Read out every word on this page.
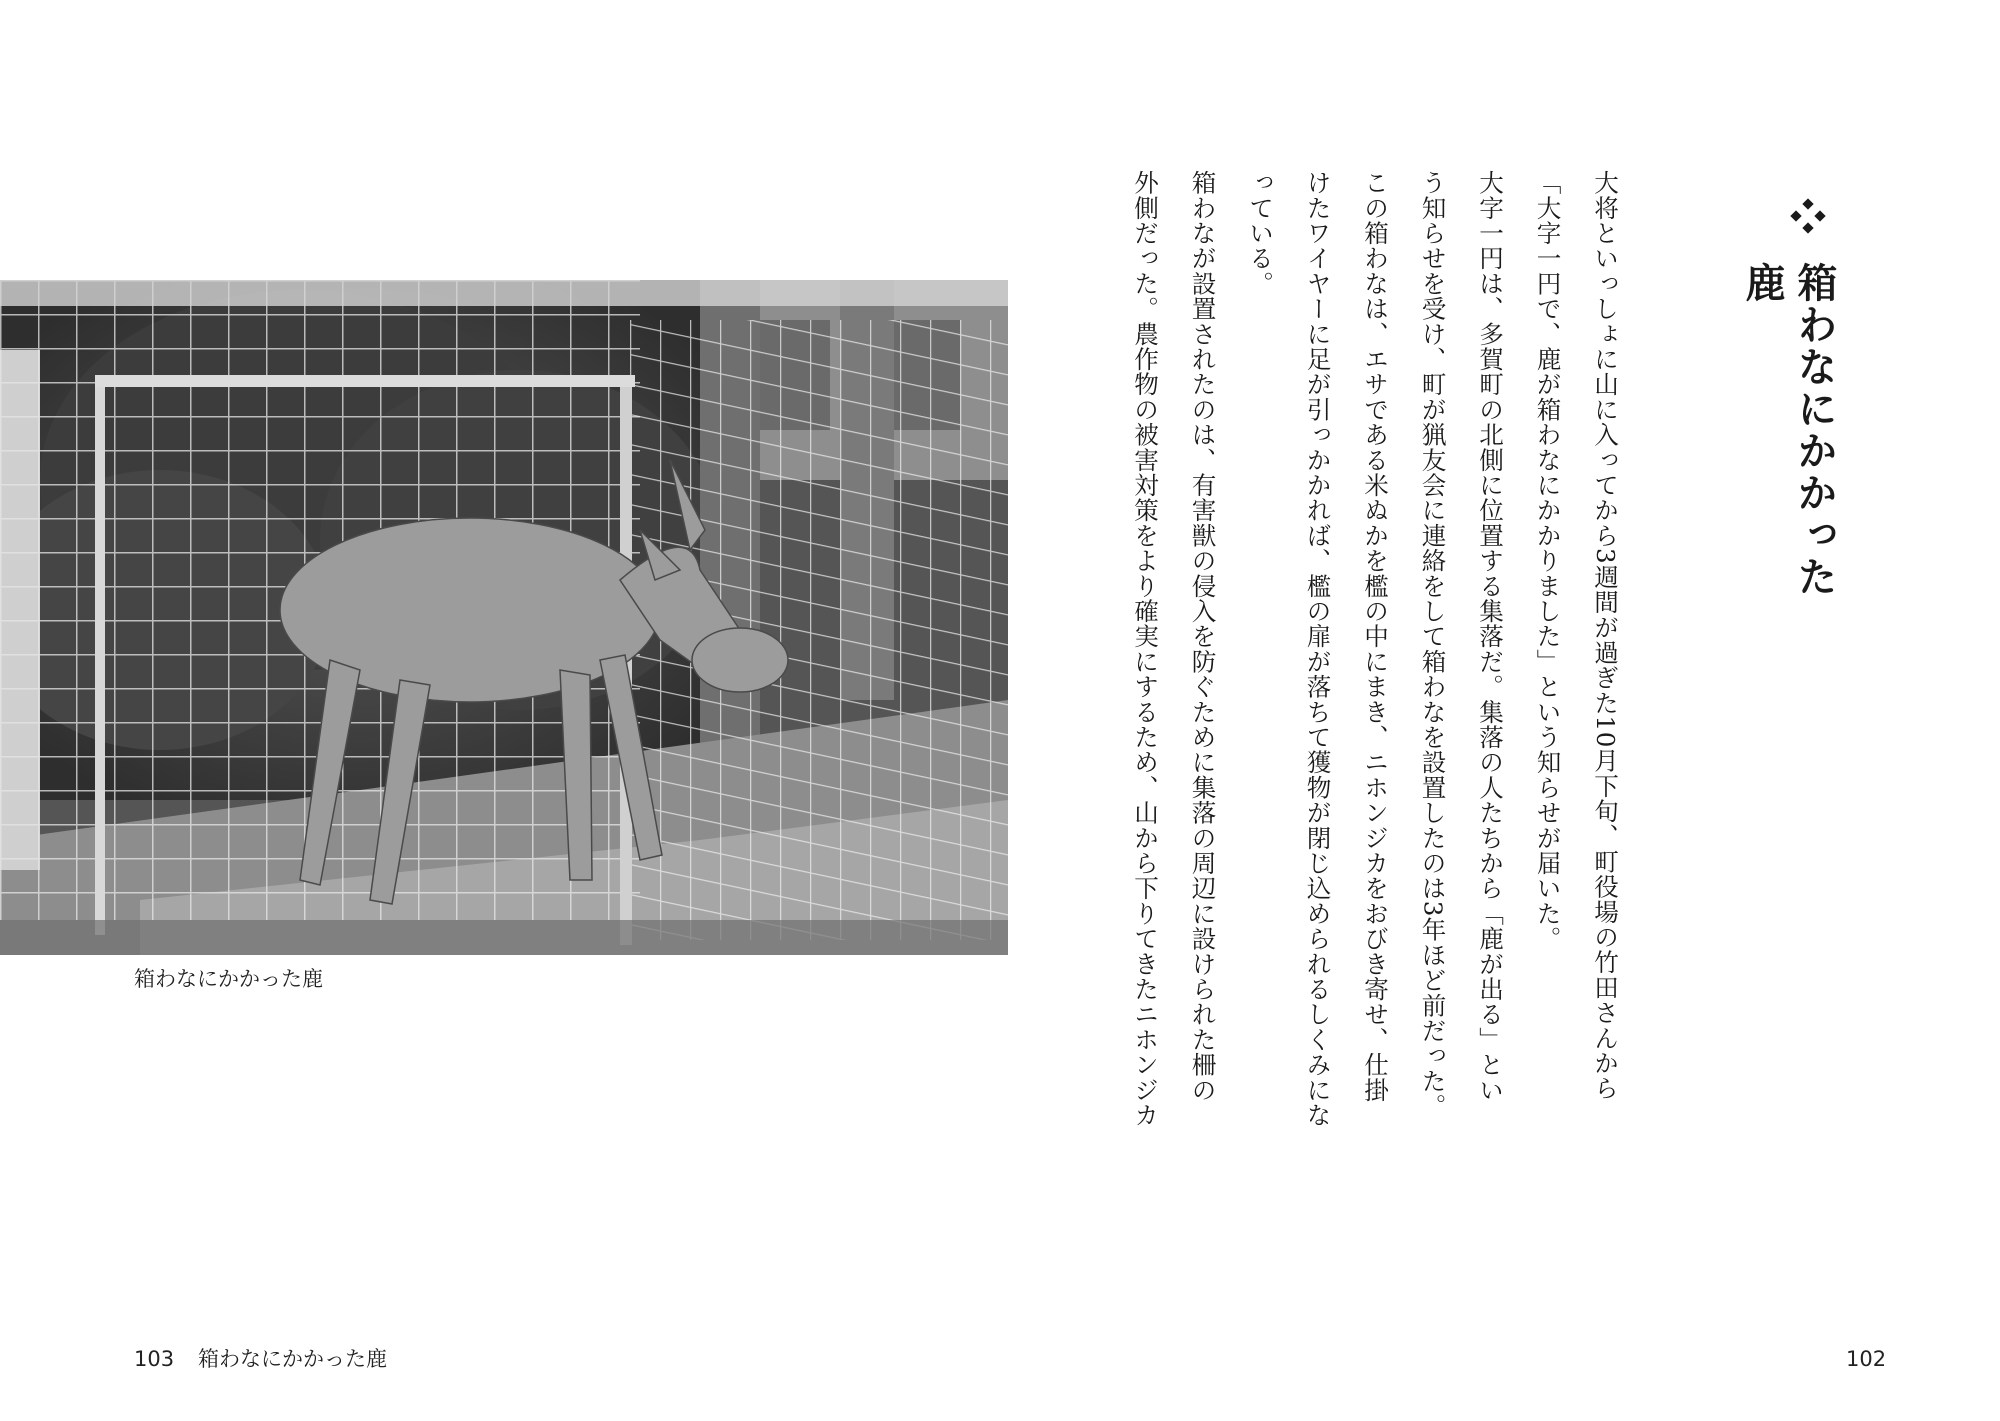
箱わなにかかった鹿
103 箱わなにかかった鹿
箱わなにかかった鹿
大将といっしょに山に入ってから3週間が過ぎた10月下旬、町役場の竹田さんから
「大字一円で、鹿が箱わなにかかりました」という知らせが届いた。
大字一円は、多賀町の北側に位置する集落だ。集落の人たちから「鹿が出る」とい
う知らせを受け、町が猟友会に連絡をして箱わなを設置したのは3年ほど前だった。
この箱わなは、エサである米ぬかを檻の中にまき、ニホンジカをおびき寄せ、仕掛
けたワイヤーに足が引っかかれば、檻の扉が落ちて獲物が閉じ込められるしくみにな
っている。
箱わなが設置されたのは、有害獣の侵入を防ぐために集落の周辺に設けられた柵の
外側だった。農作物の被害対策をより確実にするため、山から下りてきたニホンジカ
102
